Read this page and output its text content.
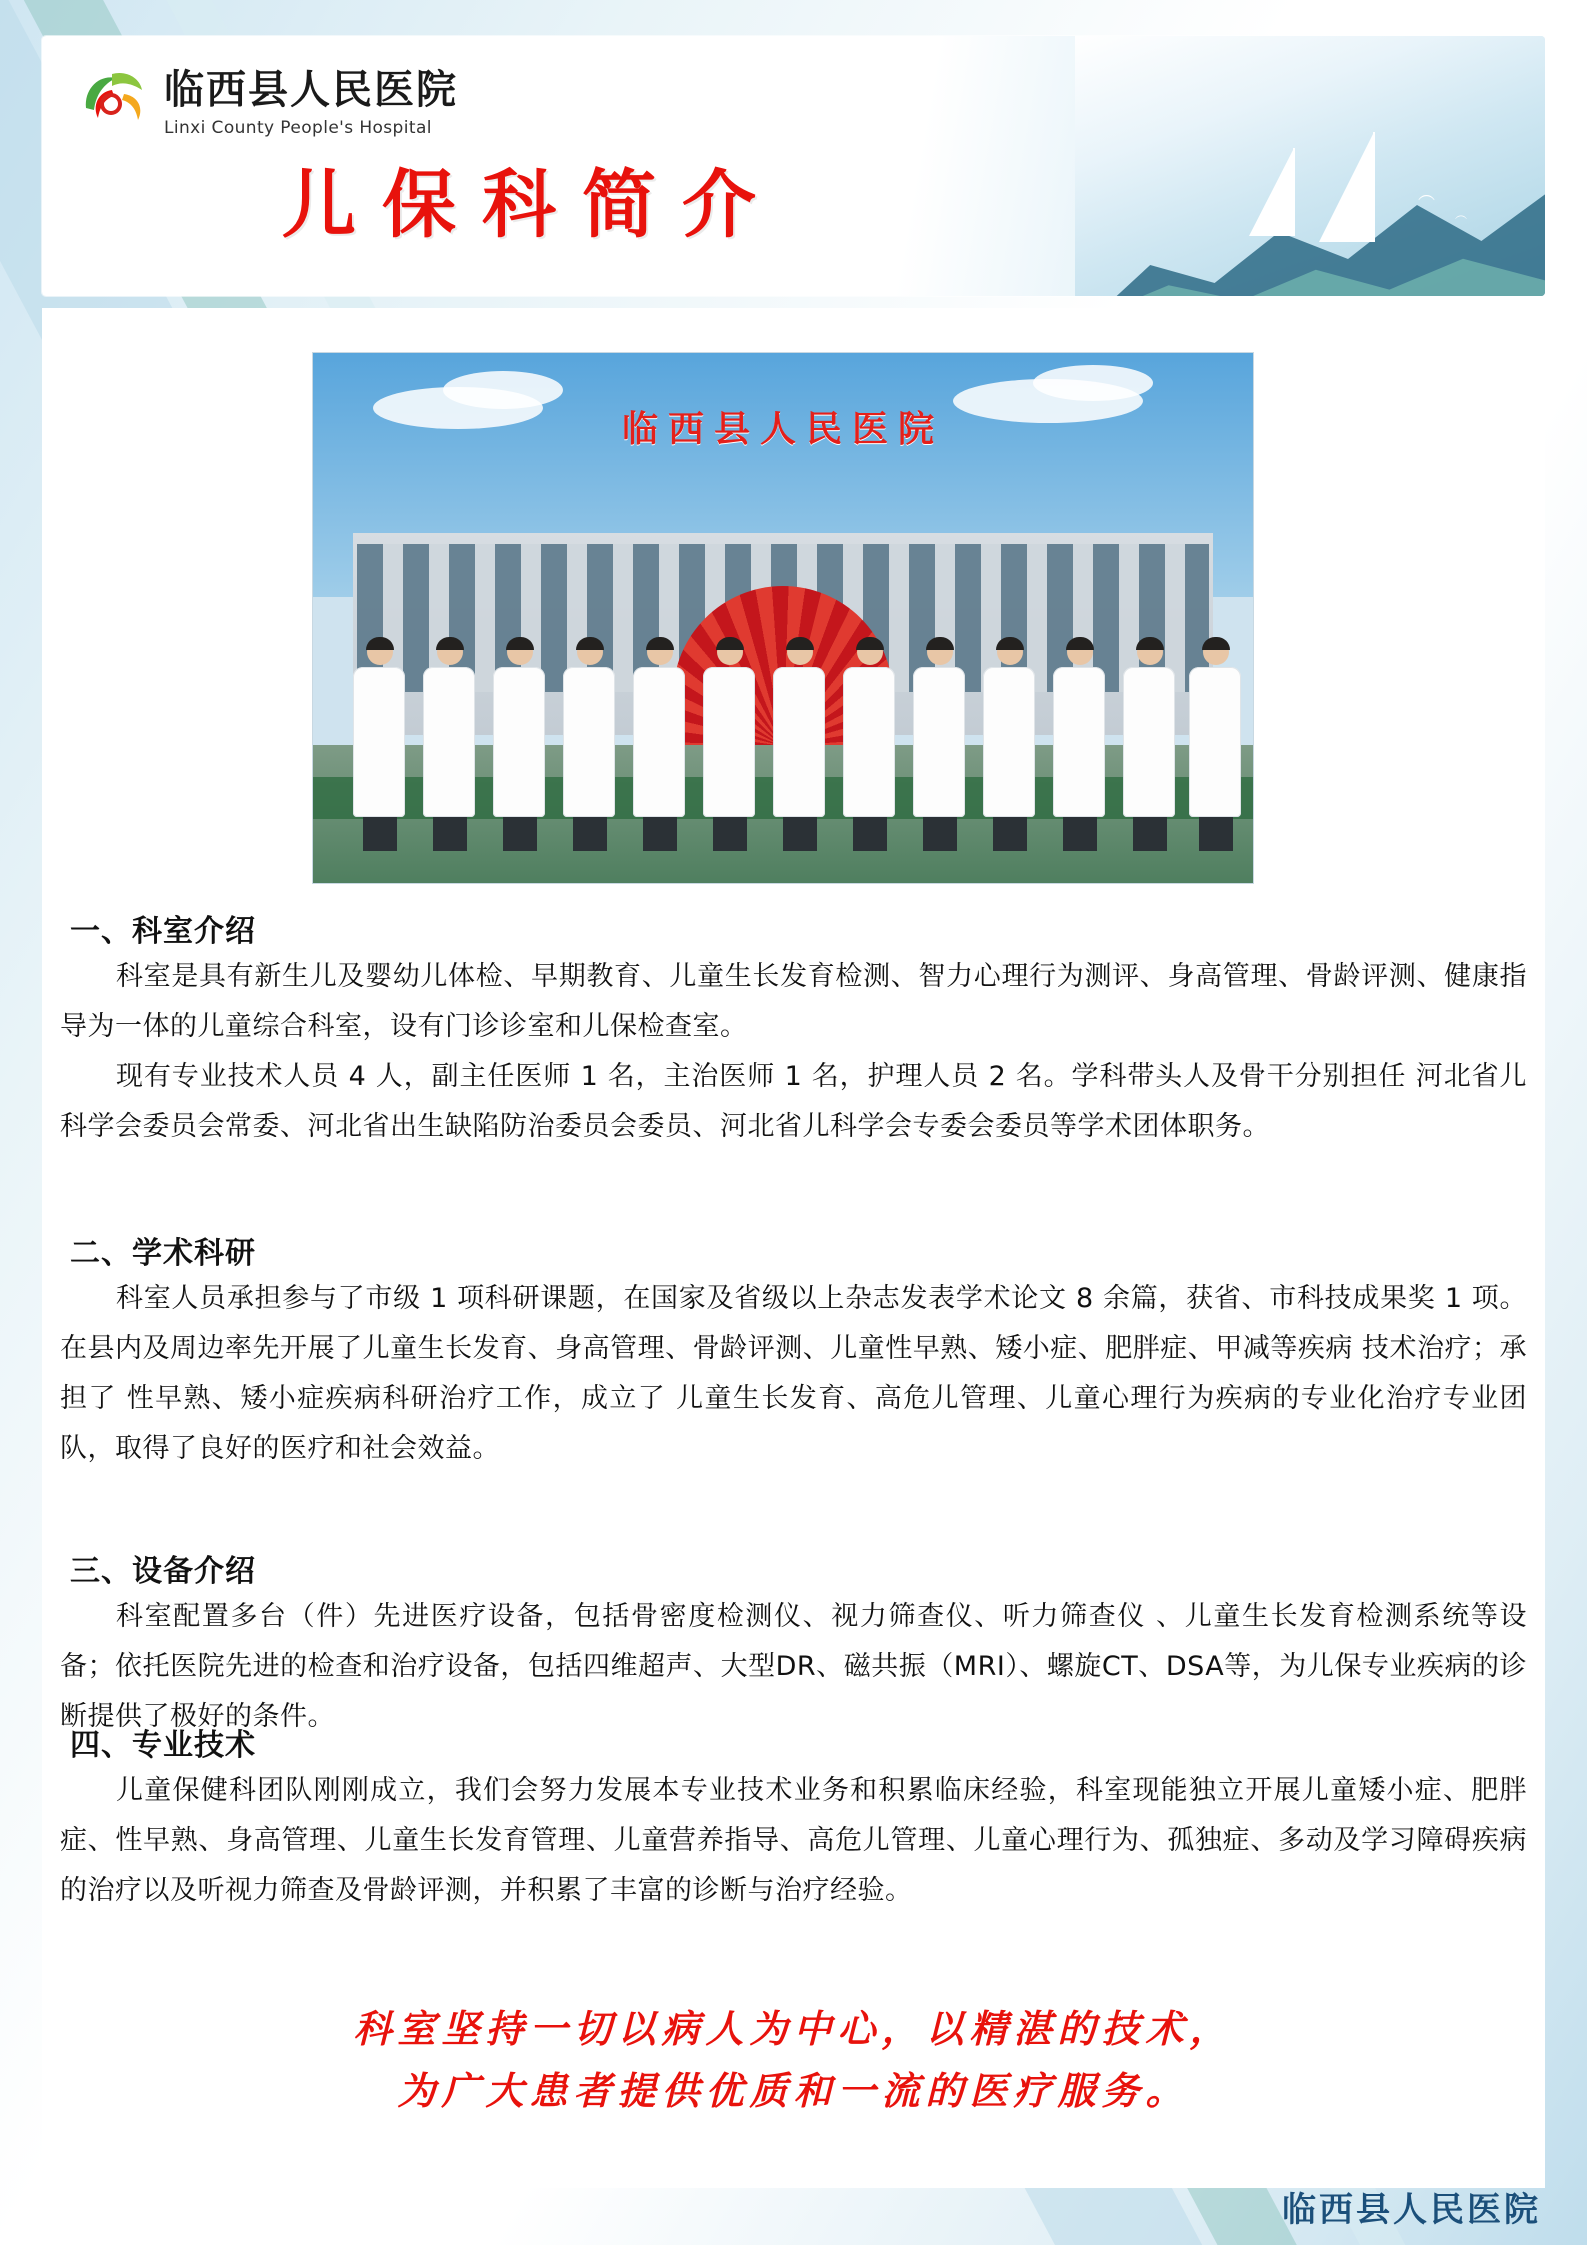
︵
︵
临西县人民医院
Linxi County People's Hospital
儿保科简介
临西县人民医院
一、科室介绍

科室是具有新生儿及婴幼儿体检、早期教育、儿童生长发育检测、智力心理行为测评、身高管理、骨龄评测、健康指导为一体的儿童综合科室，设有门诊诊室和儿保检查室。

现有专业技术人员 4 人，副主任医师 1 名，主治医师 1 名，护理人员 2 名。学科带头人及骨干分别担任 河北省儿科学会委员会常委、河北省出生缺陷防治委员会委员、河北省儿科学会专委会委员等学术团体职务。

二、学术科研

科室人员承担参与了市级 1 项科研课题，在国家及省级以上杂志发表学术论文 8 余篇，获省、市科技成果奖 1 项。在县内及周边率先开展了儿童生长发育、身高管理、骨龄评测、儿童性早熟、矮小症、肥胖症、甲减等疾病 技术治疗；承担了 性早熟、矮小症疾病科研治疗工作，成立了 儿童生长发育、高危儿管理、儿童心理行为疾病的专业化治疗专业团队，取得了良好的医疗和社会效益。

三、设备介绍

科室配置多台（件）先进医疗设备，包括骨密度检测仪、视力筛查仪、听力筛查仪 、儿童生长发育检测系统等设备；依托医院先进的检查和治疗设备，包括四维超声、大型DR、磁共振（MRI）、螺旋CT、DSA等，为儿保专业疾病的诊断提供了极好的条件。

四、专业技术

儿童保健科团队刚刚成立，我们会努力发展本专业技术业务和积累临床经验，科室现能独立开展儿童矮小症、肥胖症、性早熟、身高管理、儿童生长发育管理、儿童营养指导、高危儿管理、儿童心理行为、孤独症、多动及学习障碍疾病的治疗以及听视力筛查及骨龄评测，并积累了丰富的诊断与治疗经验。

科室坚持一切以病人为中心，以精湛的技术，
为广大患者提供优质和一流的医疗服务。
临西县人民医院
